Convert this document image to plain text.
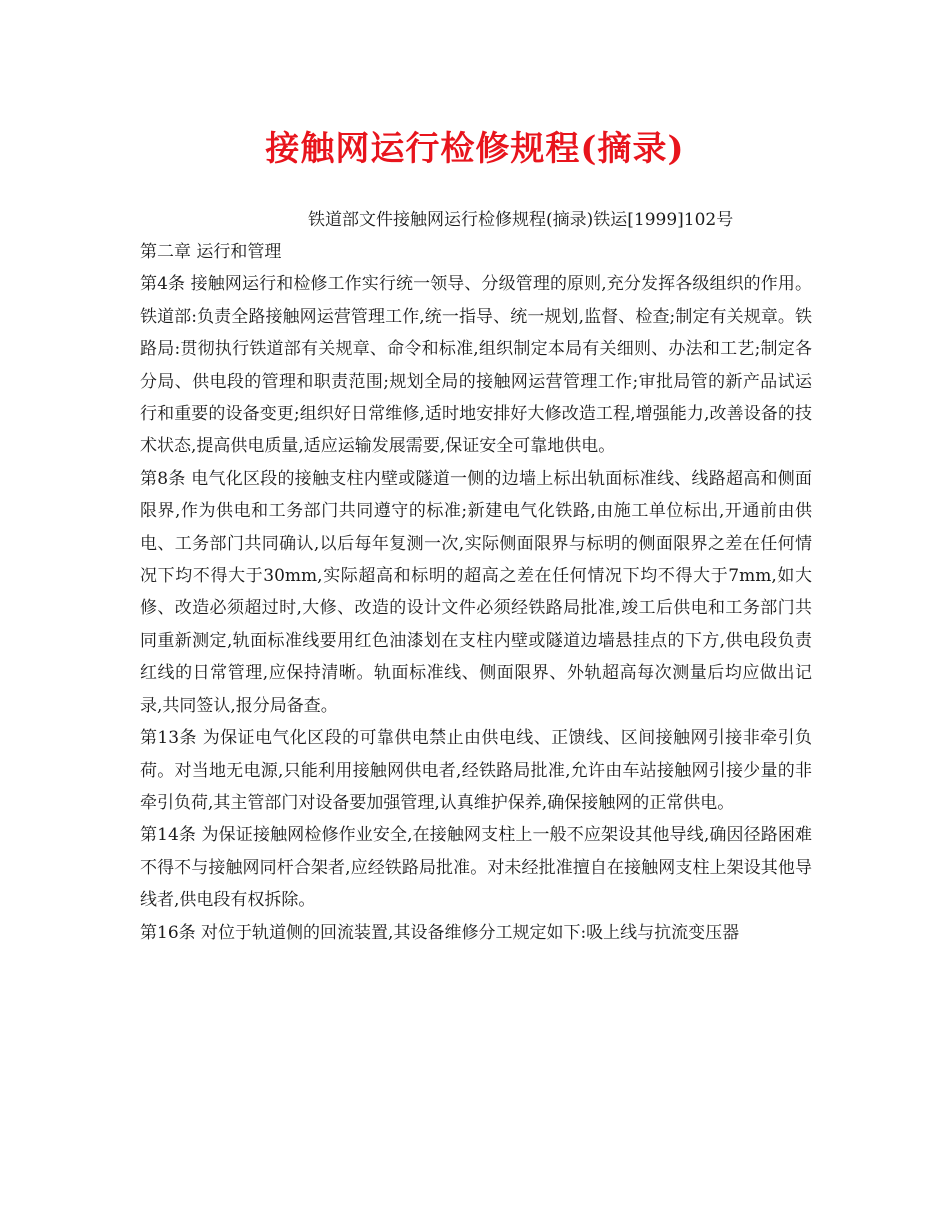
接触网运行检修规程(摘录)
铁道部文件接触网运行检修规程(摘录)铁运[1999]102号

第二章 运行和管理

第4条 接触网运行和检修工作实行统一领导、分级管理的原则,充分发挥各级组织的作用。铁道部:负责全路接触网运营管理工作,统一指导、统一规划,监督、检查;制定有关规章。铁路局:贯彻执行铁道部有关规章、命令和标准,组织制定本局有关细则、办法和工艺;制定各分局、供电段的管理和职责范围;规划全局的接触网运营管理工作;审批局管的新产品试运行和重要的设备变更;组织好日常维修,适时地安排好大修改造工程,增强能力,改善设备的技术状态,提高供电质量,适应运输发展需要,保证安全可靠地供电。

第8条 电气化区段的接触支柱内壁或隧道一侧的边墙上标出轨面标准线、线路超高和侧面限界,作为供电和工务部门共同遵守的标准;新建电气化铁路,由施工单位标出,开通前由供电、工务部门共同确认,以后每年复测一次,实际侧面限界与标明的侧面限界之差在任何情况下均不得大于30mm,实际超高和标明的超高之差在任何情况下均不得大于7mm,如大修、改造必须超过时,大修、改造的设计文件必须经铁路局批准,竣工后供电和工务部门共同重新测定,轨面标准线要用红色油漆划在支柱内壁或隧道边墙悬挂点的下方,供电段负责红线的日常管理,应保持清晰。轨面标准线、侧面限界、外轨超高每次测量后均应做出记录,共同签认,报分局备查。

第13条 为保证电气化区段的可靠供电禁止由供电线、正馈线、区间接触网引接非牵引负荷。对当地无电源,只能利用接触网供电者,经铁路局批准,允许由车站接触网引接少量的非牵引负荷,其主管部门对设备要加强管理,认真维护保养,确保接触网的正常供电。

第14条 为保证接触网检修作业安全,在接触网支柱上一般不应架设其他导线,确因径路困难不得不与接触网同杆合架者,应经铁路局批准。对未经批准擅自在接触网支柱上架设其他导线者,供电段有权拆除。

第16条 对位于轨道侧的回流装置,其设备维修分工规定如下:吸上线与抗流变压器
